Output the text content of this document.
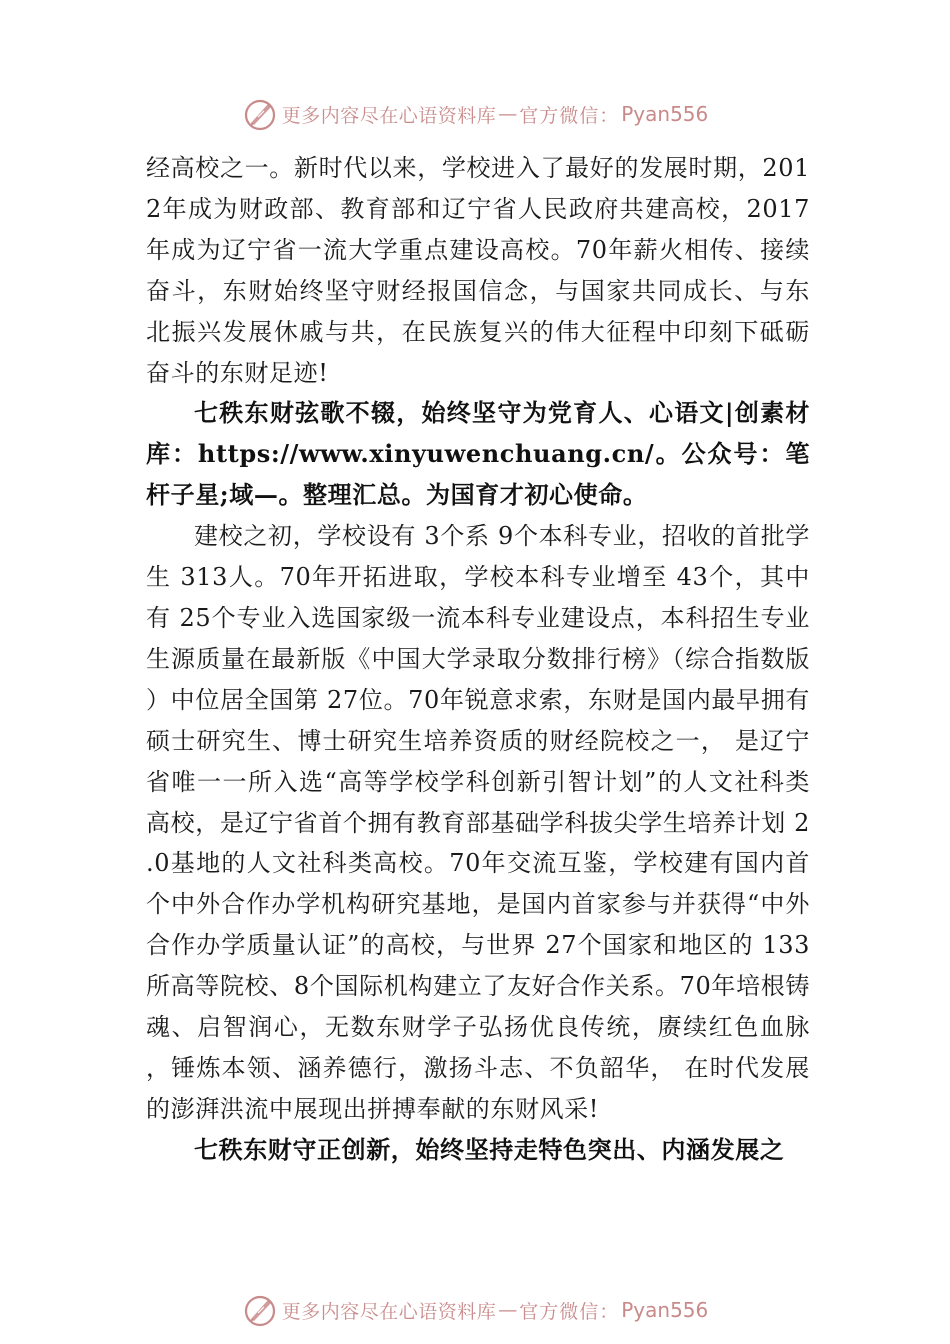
更多内容尽在心语资料库 — 官方微信： Pyan556

经高校之一。新时代以来，学校进入了最好的发展时期，2012年成为财政部、教育部和辽宁省人民政府共建高校，2017年成为辽宁省一流大学重点建设高校。70年薪火相传、接续奋斗，东财始终坚守财经报国信念，与国家共同成长、与东北振兴发展休戚与共，在民族复兴的伟大征程中印刻下砥砺奋斗的东财足迹!

七秩东财弦歌不辍，始终坚守为党育人、心语文|创素材库：https://www.xinyuwenchuang.cn/。公众号：笔杆子星;域—。整理汇总。为国育才初心使命。

建校之初，学校设有 3个系 9个本科专业，招收的首批学生 313人。70年开拓进取，学校本科专业增至 43个，其中有 25个专业入选国家级一流本科专业建设点，本科招生专业生源质量在最新版《中国大学录取分数排行榜》（综合指数版）中位居全国第 27位。70年锐意求索，东财是国内最早拥有硕士研究生、博士研究生培养资质的财经院校之一， 是辽宁省唯一一所入选“高等学校学科创新引智计划”的人文社科类高校，是辽宁省首个拥有教育部基础学科拔尖学生培养计划 2.0基地的人文社科类高校。70年交流互鉴，学校建有国内首个中外合作办学机构研究基地，是国内首家参与并获得“中外合作办学质量认证”的高校，与世界 27个国家和地区的 133所高等院校、8个国际机构建立了友好合作关系。70年培根铸魂、启智润心，无数东财学子弘扬优良传统，赓续红色血脉，锤炼本领、涵养德行，激扬斗志、不负韶华， 在时代发展的澎湃洪流中展现出拼搏奉献的东财风采!

七秩东财守正创新，始终坚持走特色突出、内涵发展之

更多内容尽在心语资料库 — 官方微信： Pyan556
